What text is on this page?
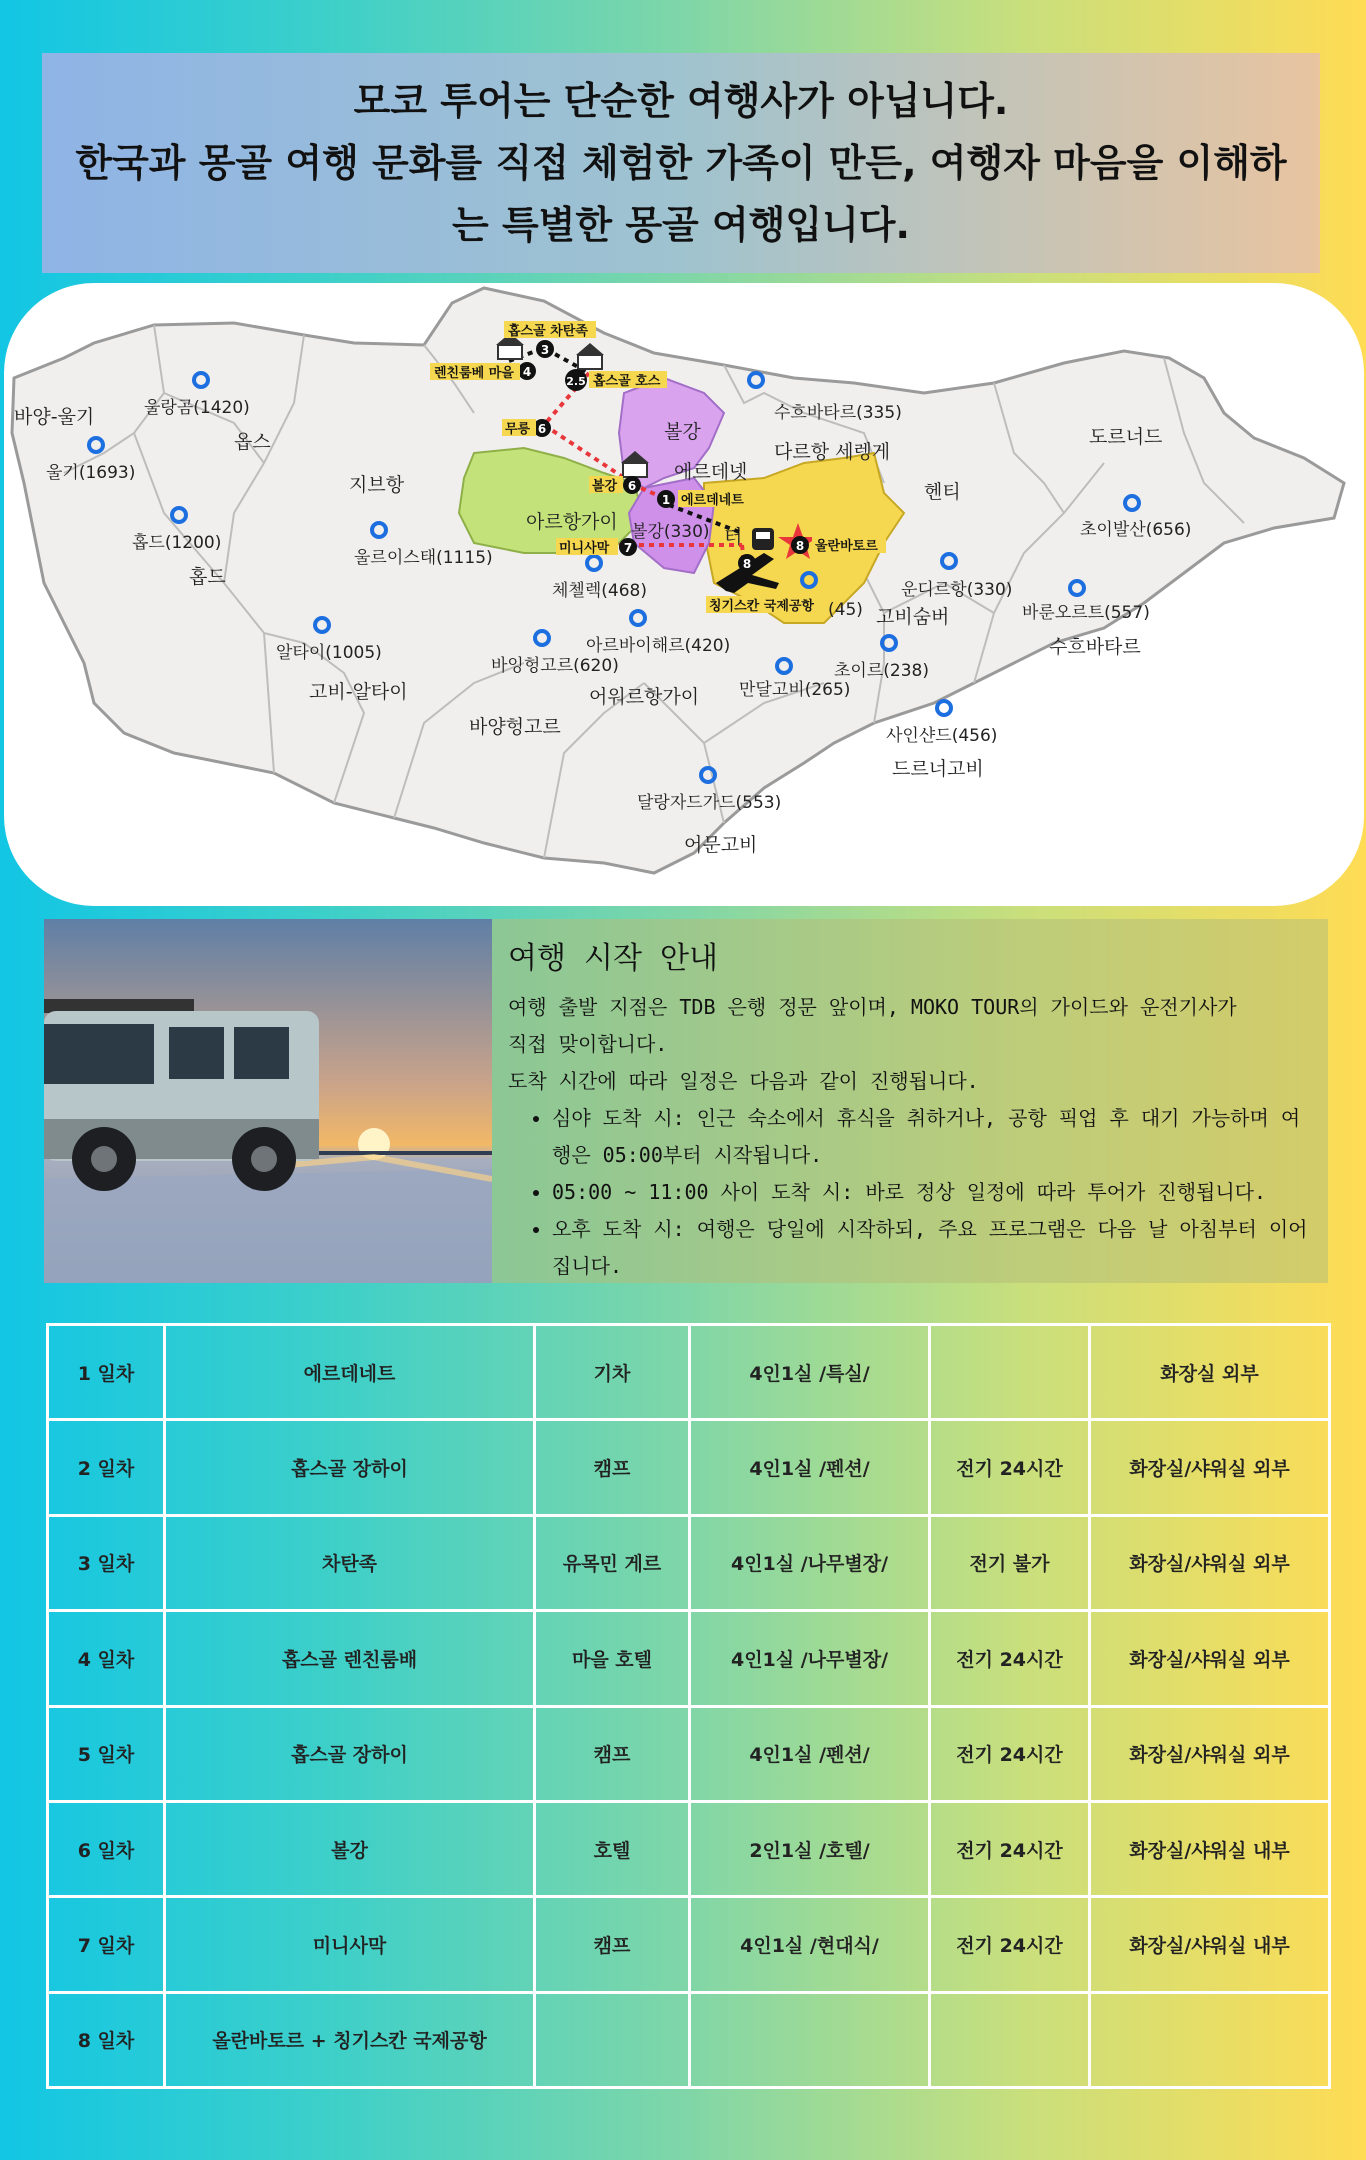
모코 투어는 단순한 여행사가 아닙니다.
한국과 몽골 여행 문화를 직접 체험한 가족이 만든, 여행자 마음을 이해하
는 특별한 몽골 여행입니다.
바양-울기
옵스
홉드
지브항
고비-알타이
바양헝고르
아르항가이
볼강
에르데넷
다르항 세렝게
터
헨티
도르너드
수흐바타르
고비숨버
어워르항가이
드르너고비
어문고비
울랑곰(1420)
울기(1693)
홉드(1200)
울르이스태(1115)
알타이(1005)
바잉헝고르(620)
체첼렉(468)
아르바이해르(420)
수흐바타르(335)
볼강(330)
(45)
초이르(238)
운디르항(330)
바룬오르트(557)
초이발산(656)
사인샨드(456)
만달고비(265)
달랑자드가드(553)
3
4
2.5
6
6
1
7	8
8
홉스골 차탄족
렌친룸베 마을
홉스골 호스
무릉
볼강
에르데네트
미니사막	울란바토르
칭기스칸 국제공항
여행 시작 안내

여행 출발 지점은 TDB 은행 정문 앞이며, MOKO TOUR의 가이드와 운전기사가

직접 맞이합니다.

도착 시간에 따라 일정은 다음과 같이 진행됩니다.

• 심야 도착 시: 인근 숙소에서 휴식을 취하거나, 공항 픽업 후 대기 가능하며 여
행은 05:00부터 시작됩니다.
• 05:00 ~ 11:00 사이 도착 시: 바로 정상 일정에 따라 투어가 진행됩니다.
• 오후 도착 시: 여행은 당일에 시작하되, 주요 프로그램은 다음 날 아침부터 이어
집니다.
1 일차	에르데네트	기차	4인1실 /특실/		화장실 외부
2 일차	홉스골 장하이	캠프	4인1실 /펜션/	전기 24시간	화장실/샤워실 외부
3 일차	차탄족	유목민 게르	4인1실 /나무별장/	전기 불가	화장실/샤워실 외부
4 일차	홉스골 렌친룸배	마을 호텔	4인1실 /나무별장/	전기 24시간	화장실/샤워실 외부
5 일차	홉스골 장하이	캠프	4인1실 /펜션/	전기 24시간	화장실/샤워실 외부
6 일차	볼강	호텔	2인1실 /호텔/	전기 24시간	화장실/샤워실 내부
7 일차	미니사막	캠프	4인1실 /현대식/	전기 24시간	화장실/샤워실 내부
8 일차	올란바토르 + 칭기스칸 국제공항				
